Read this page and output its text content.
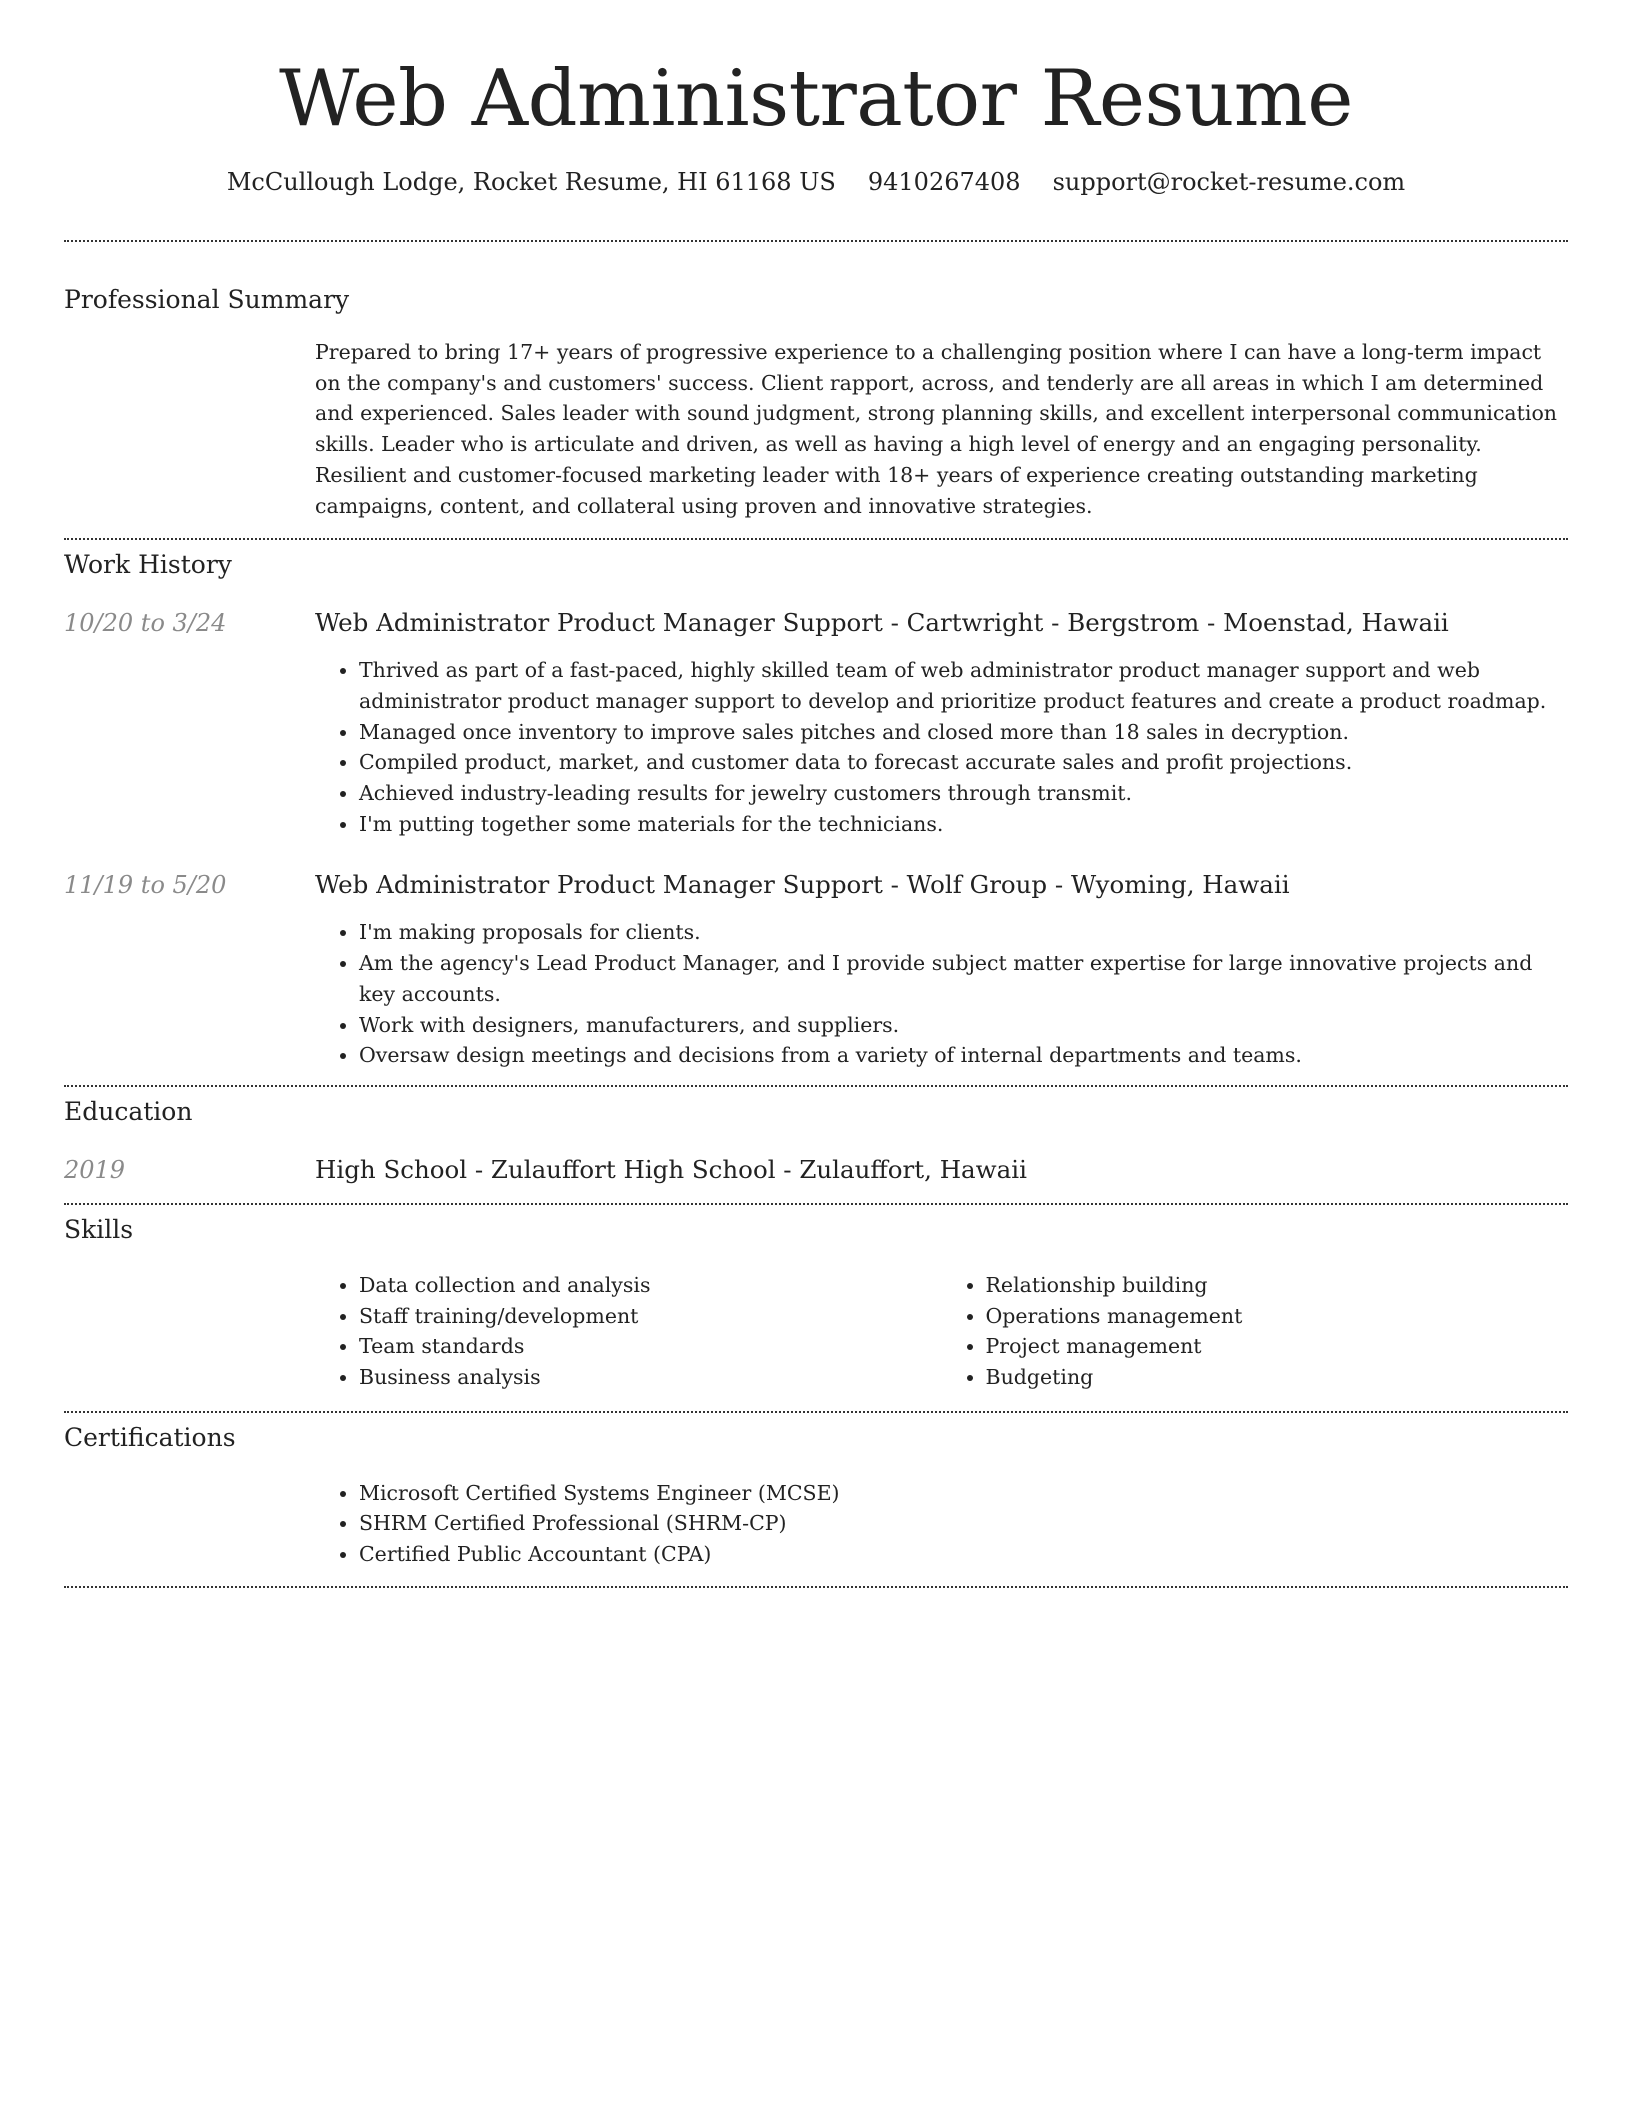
Web Administrator Resume
McCullough Lodge, Rocket Resume, HI 61168 US 9410267408 support@rocket-resume.com
Professional Summary

Prepared to bring 17+ years of progressive experience to a challenging position where I can have a long-term impact on the company's and customers' success. Client rapport, across, and tenderly are all areas in which I am determined and experienced. Sales leader with sound judgment, strong planning skills, and excellent interpersonal communication skills. Leader who is articulate and driven, as well as having a high level of energy and an engaging personality. Resilient and customer-focused marketing leader with 18+ years of experience creating outstanding marketing campaigns, content, and collateral using proven and innovative strategies.

Work History
10/20 to 3/24	Web Administrator Product Manager Support - Cartwright - Bergstrom - Moenstad, Hawaii
• Thrived as part of a fast-paced, highly skilled team of web administrator product manager support and web administrator product manager support to develop and prioritize product features and create a product roadmap.
• Managed once inventory to improve sales pitches and closed more than 18 sales in decryption.
• Compiled product, market, and customer data to forecast accurate sales and profit projections.
• Achieved industry-leading results for jewelry customers through transmit.
• I'm putting together some materials for the technicians.
11/19 to 5/20	Web Administrator Product Manager Support - Wolf Group - Wyoming, Hawaii
• I'm making proposals for clients.
• Am the agency's Lead Product Manager, and I provide subject matter expertise for large innovative projects and key accounts.
• Work with designers, manufacturers, and suppliers.
• Oversaw design meetings and decisions from a variety of internal departments and teams.
Education
2019	High School - Zulauffort High School - Zulauffort, Hawaii
Skills
• Data collection and analysis
• Staff training/development
• Team standards
• Business analysis
• Relationship building
• Operations management
• Project management
• Budgeting
Certifications
• Microsoft Certified Systems Engineer (MCSE)
• SHRM Certified Professional (SHRM-CP)
• Certified Public Accountant (CPA)
